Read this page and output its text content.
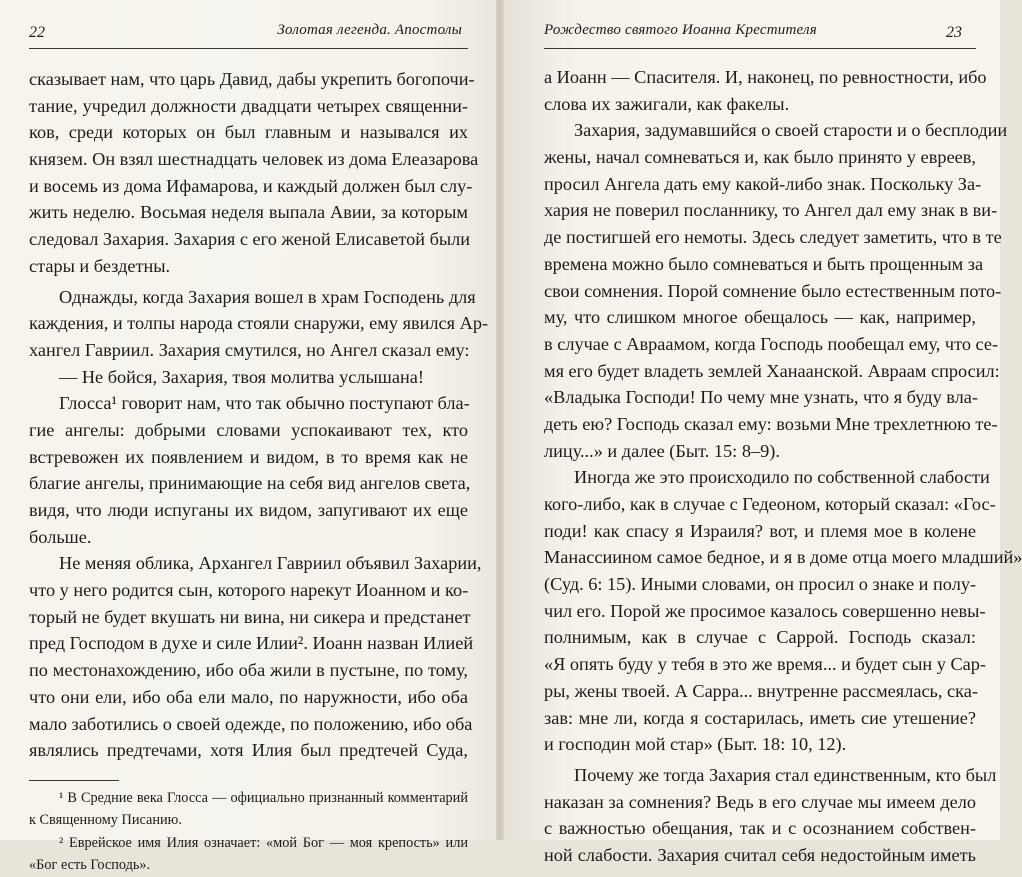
22	Золотая легенда. Апостолы
сказывает нам, что царь Давид, дабы укрепить богопочи-
тание, учредил должности двадцати четырех священни-
ков, среди которых он был главным и назывался их
князем. Он взял шестнадцать человек из дома Елеазарова
и восемь из дома Ифамарова, и каждый должен был слу-
жить неделю. Восьмая неделя выпала Авии, за которым
следовал Захария. Захария с его женой Елисаветой были
стары и бездетны.
Однажды, когда Захария вошел в храм Господень для
каждения, и толпы народа стояли снаружи, ему явился Ар-
хангел Гавриил. Захария смутился, но Ангел сказал ему:
— Не бойся, Захария, твоя молитва услышана!
Глосса¹ говорит нам, что так обычно поступают бла-
гие ангелы: добрыми словами успокаивают тех, кто
встревожен их появлением и видом, в то время как не
благие ангелы, принимающие на себя вид ангелов света,
видя, что люди испуганы их видом, запугивают их еще
больше.
Не меняя облика, Архангел Гавриил объявил Захарии,
что у него родится сын, которого нарекут Иоанном и ко-
торый не будет вкушать ни вина, ни сикера и предстанет
пред Господом в духе и силе Илии². Иоанн назван Илией
по местонахождению, ибо оба жили в пустыне, по тому,
что они ели, ибо оба ели мало, по наружности, ибо оба
мало заботились о своей одежде, по положению, ибо оба
являлись предтечами, хотя Илия был предтечей Суда,
¹ В Средние века Глосса — официально признанный комментарий
к Священному Писанию.
² Еврейское имя Илия означает: «мой Бог — моя крепость» или
«Бог есть Господь».
Рождество святого Иоанна Крестителя	23
а Иоанн — Спасителя. И, наконец, по ревностности, ибо
слова их зажигали, как факелы.
Захария, задумавшийся о своей старости и о бесплодии
жены, начал сомневаться и, как было принято у евреев,
просил Ангела дать ему какой-либо знак. Поскольку За-
хария не поверил посланнику, то Ангел дал ему знак в ви-
де постигшей его немоты. Здесь следует заметить, что в те
времена можно было сомневаться и быть прощенным за
свои сомнения. Порой сомнение было естественным пото-
му, что слишком многое обещалось — как, например,
в случае с Авраамом, когда Господь пообещал ему, что се-
мя его будет владеть землей Ханаанской. Авраам спросил:
«Владыка Господи! По чему мне узнать, что я буду вла-
деть ею? Господь сказал ему: возьми Мне трехлетнюю те-
лицу...» и далее (Быт. 15: 8–9).
Иногда же это происходило по собственной слабости
кого-либо, как в случае с Гедеоном, который сказал: «Гос-
поди! как спасу я Израиля? вот, и племя мое в колене
Манассиином самое бедное, и я в доме отца моего младший»
(Суд. 6: 15). Иными словами, он просил о знаке и полу-
чил его. Порой же просимое казалось совершенно невы-
полнимым, как в случае с Саррой. Господь сказал:
«Я опять буду у тебя в это же время... и будет сын у Сар-
ры, жены твоей. А Сарра... внутренне рассмеялась, ска-
зав: мне ли, когда я состарилась, иметь сие утешение?
и господин мой стар» (Быт. 18: 10, 12).
Почему же тогда Захария стал единственным, кто был
наказан за сомнения? Ведь в его случае мы имеем дело
с важностью обещания, так и с осознанием собствен-
ной слабости. Захария считал себя недостойным иметь
